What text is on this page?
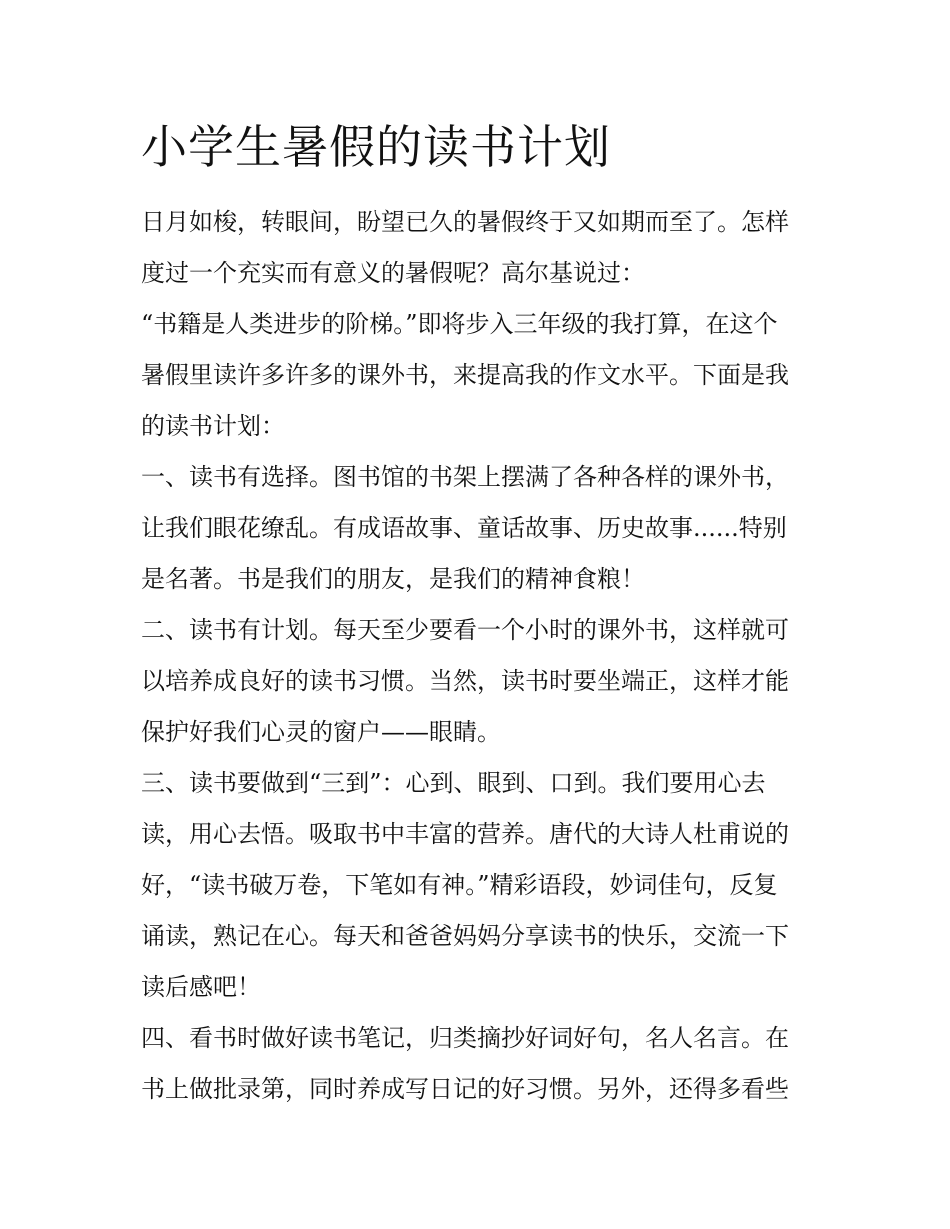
小学生暑假的读书计划
日月如梭，转眼间，盼望已久的暑假终于又如期而至了。怎样
度过一个充实而有意义的暑假呢？高尔基说过：
“书籍是人类进步的阶梯。”即将步入三年级的我打算，在这个
暑假里读许多许多的课外书，来提高我的作文水平。下面是我
的读书计划：
一、读书有选择。图书馆的书架上摆满了各种各样的课外书，
让我们眼花缭乱。有成语故事、童话故事、历史故事......特别
是名著。书是我们的朋友，是我们的精神食粮！
二、读书有计划。每天至少要看一个小时的课外书，这样就可
以培养成良好的读书习惯。当然，读书时要坐端正，这样才能
保护好我们心灵的窗户——眼睛。
三、读书要做到“三到”：心到、眼到、口到。我们要用心去
读，用心去悟。吸取书中丰富的营养。唐代的大诗人杜甫说的
好，“读书破万卷，下笔如有神。”精彩语段，妙词佳句，反复
诵读，熟记在心。每天和爸爸妈妈分享读书的快乐，交流一下
读后感吧！
四、看书时做好读书笔记，归类摘抄好词好句，名人名言。在
书上做批录第，同时养成写日记的好习惯。另外，还得多看些
